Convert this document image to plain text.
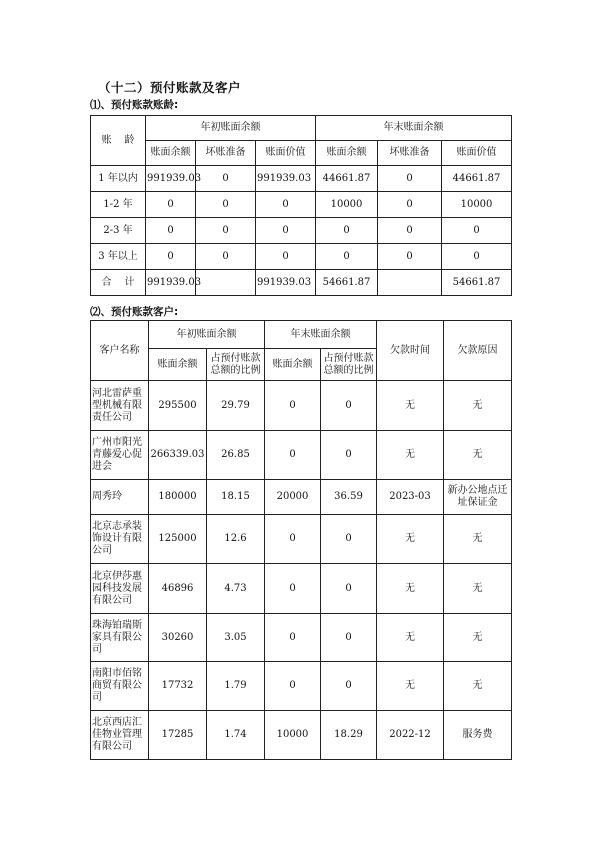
（十二）预付账款及客户
⑴、预付账款账龄:
账    龄	年初账面余额			年末账面余额		
	账面余额	坏账准备	账面价值	账面余额	坏账准备	账面价值
1 年以内	991939.03	0	991939.03	44661.87	0	44661.87
1-2 年	0	0	0	10000	0	10000
2-3 年	0	0	0	0	0	0
3 年以上	0	0	0	0	0	0
合    计	991939.03		991939.03	54661.87		54661.87
⑵、预付账款客户:
客户名称	年初账面余额		年末账面余额		欠款时间	欠款原因
	账面余额	占预付账款总额的比例	账面余额	占预付账款总额的比例		
河北雷萨重型机械有限责任公司	295500	29.79	0	0	无	无
广州市阳光青藤爱心促进会	266339.03	26.85	0	0	无	无
周秀玲	180000	18.15	20000	36.59	2023-03	新办公地点迁址保证金
北京志承装饰设计有限公司	125000	12.6	0	0	无	无
北京伊莎惠园科技发展有限公司	46896	4.73	0	0	无	无
珠海铂瑞斯家具有限公司	30260	3.05	0	0	无	无
南阳市佰铭商贸有限公司	17732	1.79	0	0	无	无
北京西店汇佳物业管理有限公司	17285	1.74	10000	18.29	2022-12	服务费
